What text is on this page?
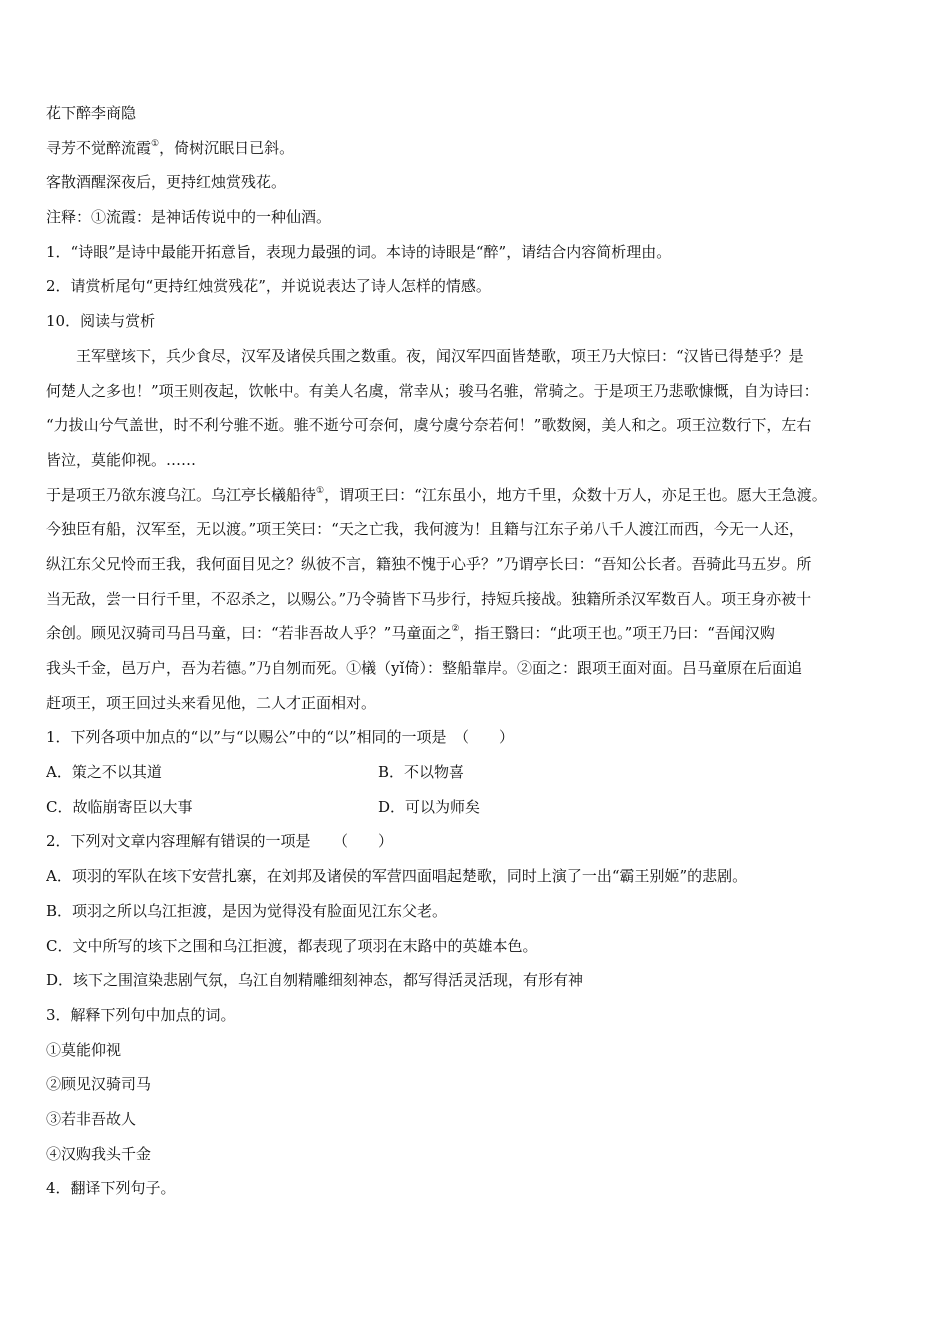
花下醉李商隐
寻芳不觉醉流霞①，倚树沉眠日已斜。
客散酒醒深夜后，更持红烛赏残花。
注释：①流霞：是神话传说中的一种仙酒。
1．“诗眼”是诗中最能开拓意旨，表现力最强的词。本诗的诗眼是“醉”，请结合内容简析理由。
2．请赏析尾句“更持红烛赏残花”，并说说表达了诗人怎样的情感。
10．阅读与赏析
王军壁垓下，兵少食尽，汉军及诸侯兵围之数重。夜，闻汉军四面皆楚歌，项王乃大惊曰：“汉皆已得楚乎？是
何楚人之多也！”项王则夜起，饮帐中。有美人名虞，常幸从；骏马名骓，常骑之。于是项王乃悲歌慷慨，自为诗曰：
“力拔山兮气盖世，时不利兮骓不逝。骓不逝兮可奈何，虞兮虞兮奈若何！”歌数阕，美人和之。项王泣数行下，左右
皆泣，莫能仰视。……
于是项王乃欲东渡乌江。乌江亭长檥船待①，谓项王曰：“江东虽小，地方千里，众数十万人，亦足王也。愿大王急渡。
今独臣有船，汉军至，无以渡。”项王笑曰：“天之亡我，我何渡为！且籍与江东子弟八千人渡江而西，今无一人还，
纵江东父兄怜而王我，我何面目见之？纵彼不言，籍独不愧于心乎？”乃谓亭长曰：“吾知公长者。吾骑此马五岁。所
当无敌，尝一日行千里，不忍杀之，以赐公。”乃令骑皆下马步行，持短兵接战。独籍所杀汉军数百人。项王身亦被十
余创。顾见汉骑司马吕马童，曰：“若非吾故人乎？”马童面之②，指王翳曰：“此项王也。”项王乃曰：“吾闻汉购
我头千金，邑万户，吾为若德。”乃自刎而死。①檥（yǐ倚）：整船靠岸。②面之：跟项王面对面。吕马童原在后面追
赶项王，项王回过头来看见他，二人才正面相对。
1．下列各项中加点的“以”与“以赐公”中的“以”相同的一项是　（　　）
A．策之不以其道	B．不以物喜
C．故临崩寄臣以大事	D．可以为师矣
2．下列对文章内容理解有错误的一项是　　（　　）
A．项羽的军队在垓下安营扎寨，在刘邦及诸侯的军营四面唱起楚歌，同时上演了一出“霸王别姬”的悲剧。
B．项羽之所以乌江拒渡，是因为觉得没有脸面见江东父老。
C．文中所写的垓下之围和乌江拒渡，都表现了项羽在末路中的英雄本色。
D．垓下之围渲染悲剧气氛，乌江自刎精雕细刻神态，都写得活灵活现，有形有神
3．解释下列句中加点的词。
①莫能仰视
②顾见汉骑司马
③若非吾故人
④汉购我头千金
4．翻译下列句子。
